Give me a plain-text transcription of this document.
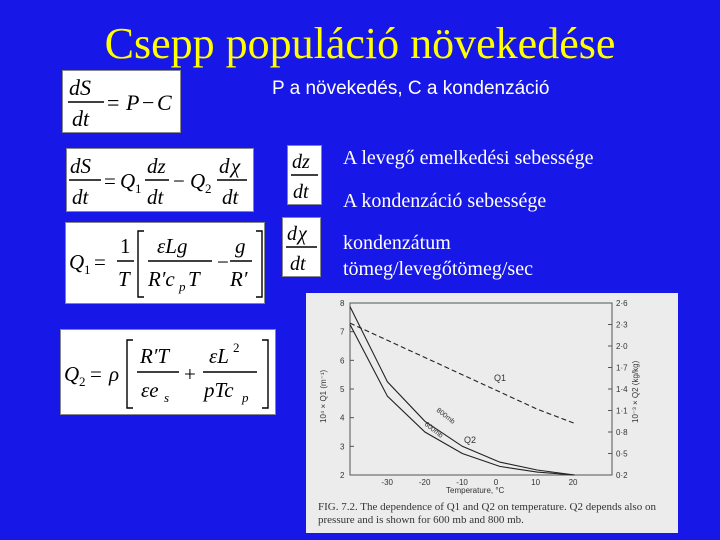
Csepp populáció növekedése
dS
dt
= P − C
dS
dt
= Q 1
dz
dt
− Q 2
d χ
dt
Q 1 =
1
T
εLg
R′c p T
−
g
R′
Q 2 = ρ
R′T
εe s
+
εL 2
pTc p
dz
dt
d χ
dt
P a növekedés, C a kondenzáció
A levegő emelkedési sebessége
A kondenzáció sebessége
kondenzátum
tömeg/levegőtömeg/sec
10⁴ × Q1 (m⁻¹)	10⁻³ × Q2 (kg/kg)
Temperature, °C
8
7
6
5
4
3
2
2·6
2·3
2·0
1·7
1·4
1·1
0·8
0·5
0·2
-30	-20	-10	0	10	20
Q1
Q2
800mb
600mb
FIG. 7.2. The dependence of Q1 and Q2 on temperature. Q2 depends also on pressure and is shown for 600 mb and 800 mb.
